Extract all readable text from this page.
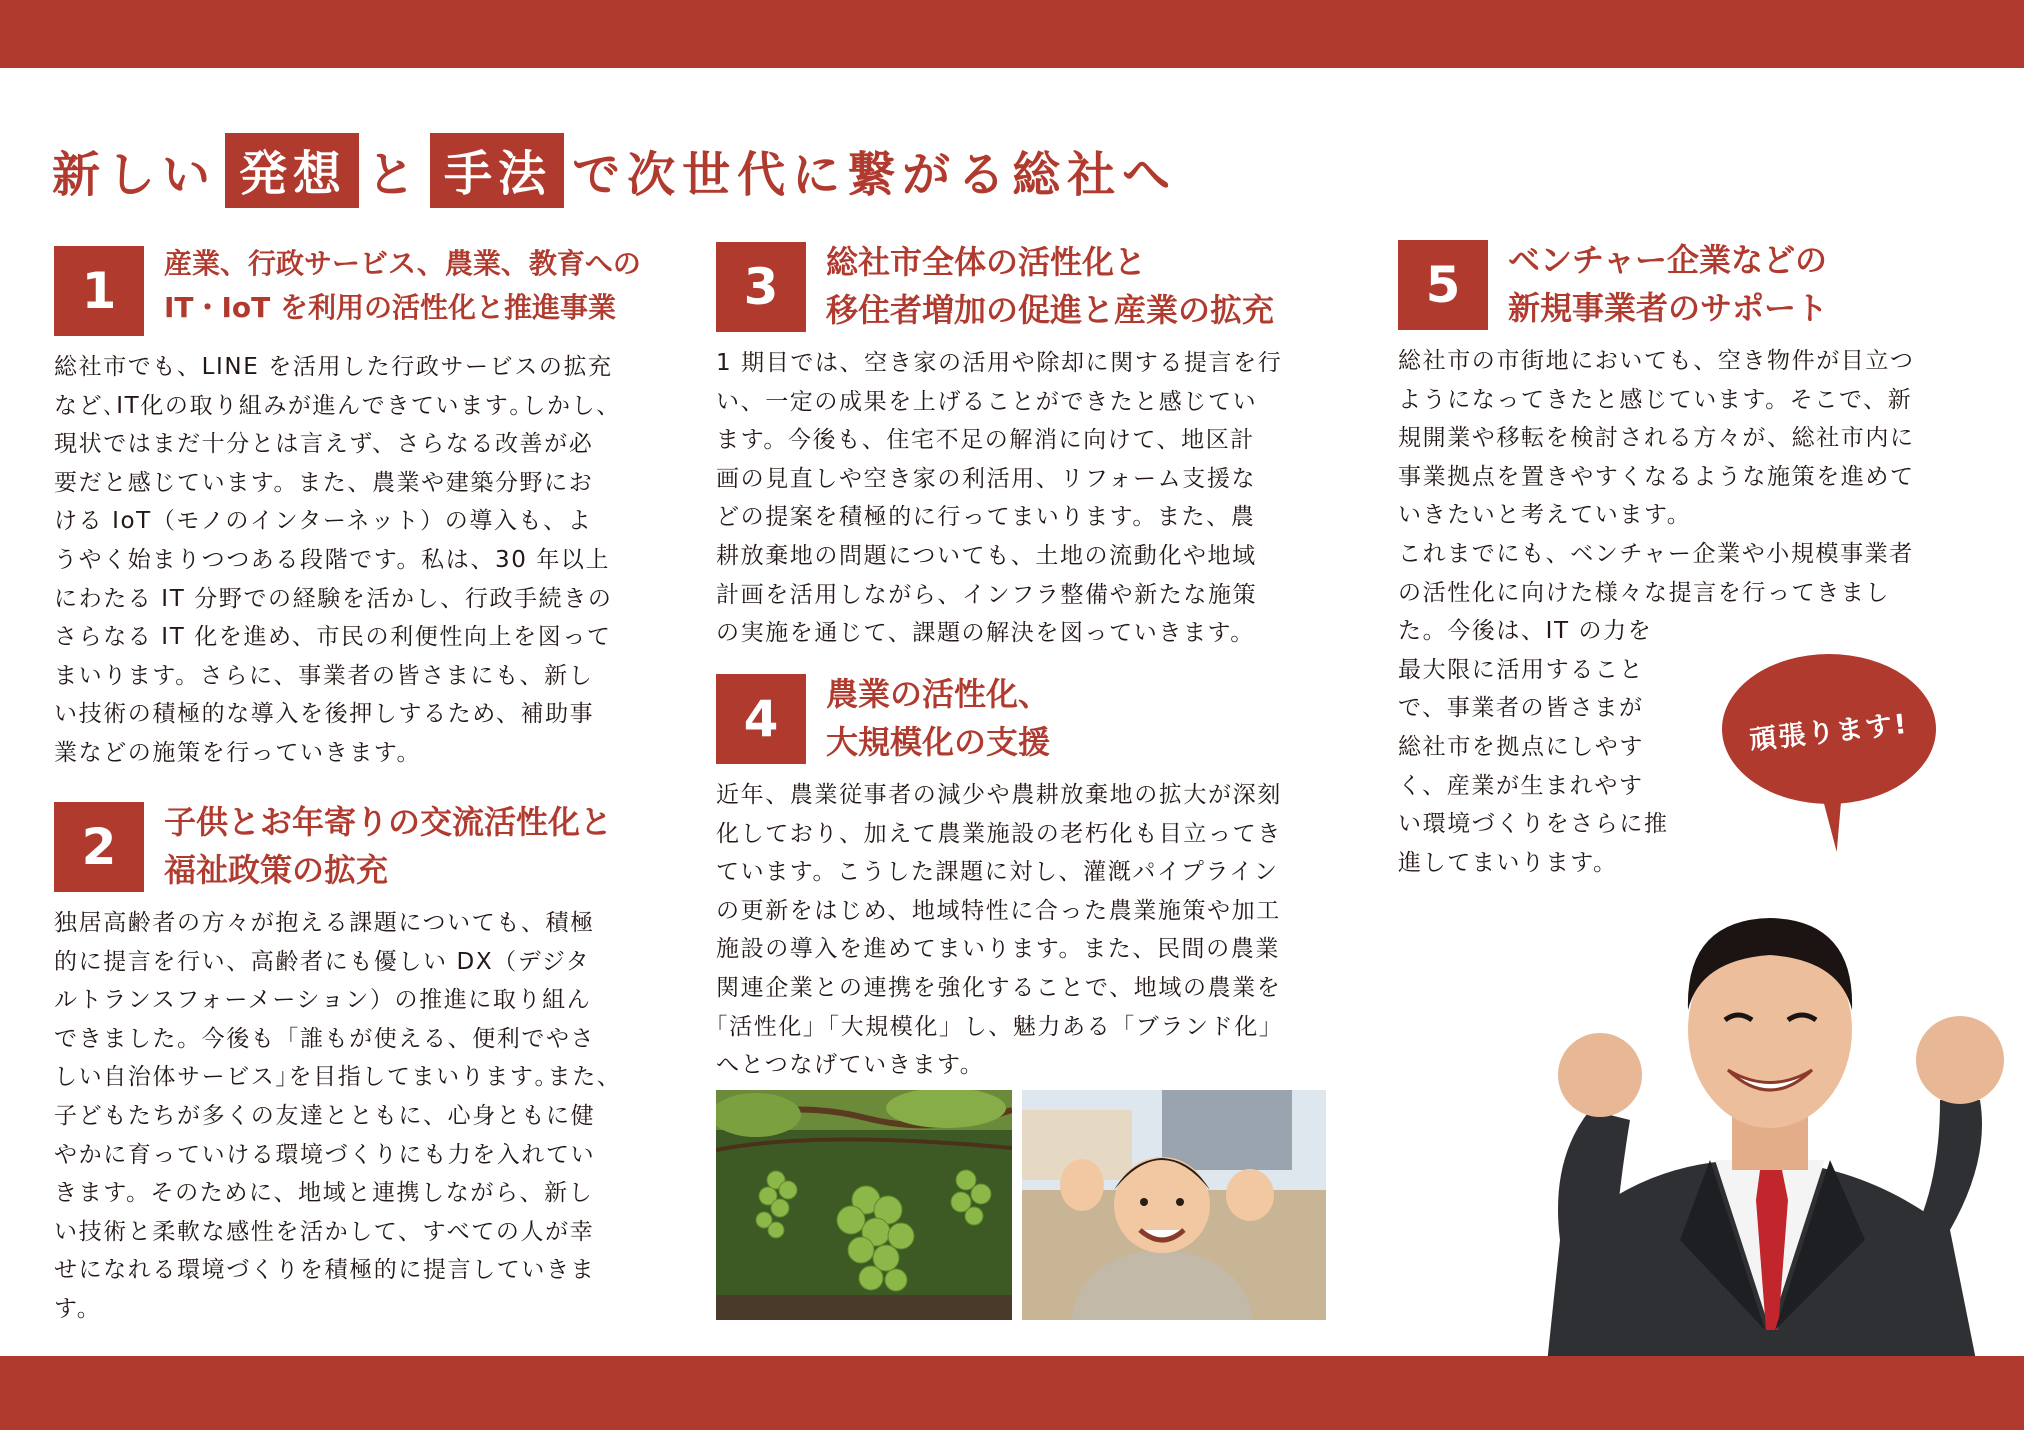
新しい 発想 と 手法 で次世代に繋がる総社へ
1	産業、行政サービス、農業、教育への
IT・IoT を利用の活性化と推進事業
総社市でも、LINE を活用した行政サービスの拡充
など､IT化の取り組みが進んできています｡しかし、
現状ではまだ十分とは言えず、さらなる改善が必
要だと感じています。また、農業や建築分野にお
ける IoT（モノのインターネット）の導入も、よ
うやく始まりつつある段階です。私は、30 年以上
にわたる IT 分野での経験を活かし、行政手続きの
さらなる IT 化を進め、市民の利便性向上を図って
まいります。さらに、事業者の皆さまにも、新し
い技術の積極的な導入を後押しするため、補助事
業などの施策を行っていきます。
2	子供とお年寄りの交流活性化と
福祉政策の拡充
独居高齢者の方々が抱える課題についても、積極
的に提言を行い、高齢者にも優しい DX（デジタ
ルトランスフォーメーション）の推進に取り組ん
できました。今後も「誰もが使える、便利でやさ
しい自治体サービス｣を目指してまいります｡また、
子どもたちが多くの友達とともに、心身ともに健
やかに育っていける環境づくりにも力を入れてい
きます。そのために、地域と連携しながら、新し
い技術と柔軟な感性を活かして、すべての人が幸
せになれる環境づくりを積極的に提言していきま
す。
3	総社市全体の活性化と
移住者増加の促進と産業の拡充
1 期目では、空き家の活用や除却に関する提言を行
い、一定の成果を上げることができたと感じてい
ます。今後も、住宅不足の解消に向けて、地区計
画の見直しや空き家の利活用、リフォーム支援な
どの提案を積極的に行ってまいります。また、農
耕放棄地の問題についても、土地の流動化や地域
計画を活用しながら、インフラ整備や新たな施策
の実施を通じて、課題の解決を図っていきます。
4	農業の活性化、
大規模化の支援
近年、農業従事者の減少や農耕放棄地の拡大が深刻
化しており、加えて農業施設の老朽化も目立ってき
ています。こうした課題に対し、灌漑パイプライン
の更新をはじめ、地域特性に合った農業施策や加工
施設の導入を進めてまいります。また、民間の農業
関連企業との連携を強化することで、地域の農業を
｢活性化｣「大規模化」し、魅力ある「ブランド化」
へとつなげていきます。
5	ベンチャー企業などの
新規事業者のサポート
総社市の市街地においても、空き物件が目立つ
ようになってきたと感じています。そこで、新
規開業や移転を検討される方々が、総社市内に
事業拠点を置きやすくなるような施策を進めて
いきたいと考えています。
これまでにも、ベンチャー企業や小規模事業者
の活性化に向けた様々な提言を行ってきまし
た。今後は、IT の力を
最大限に活用すること
で、事業者の皆さまが
総社市を拠点にしやす
く、産業が生まれやす
い環境づくりをさらに推
進してまいります。
頑張ります!
